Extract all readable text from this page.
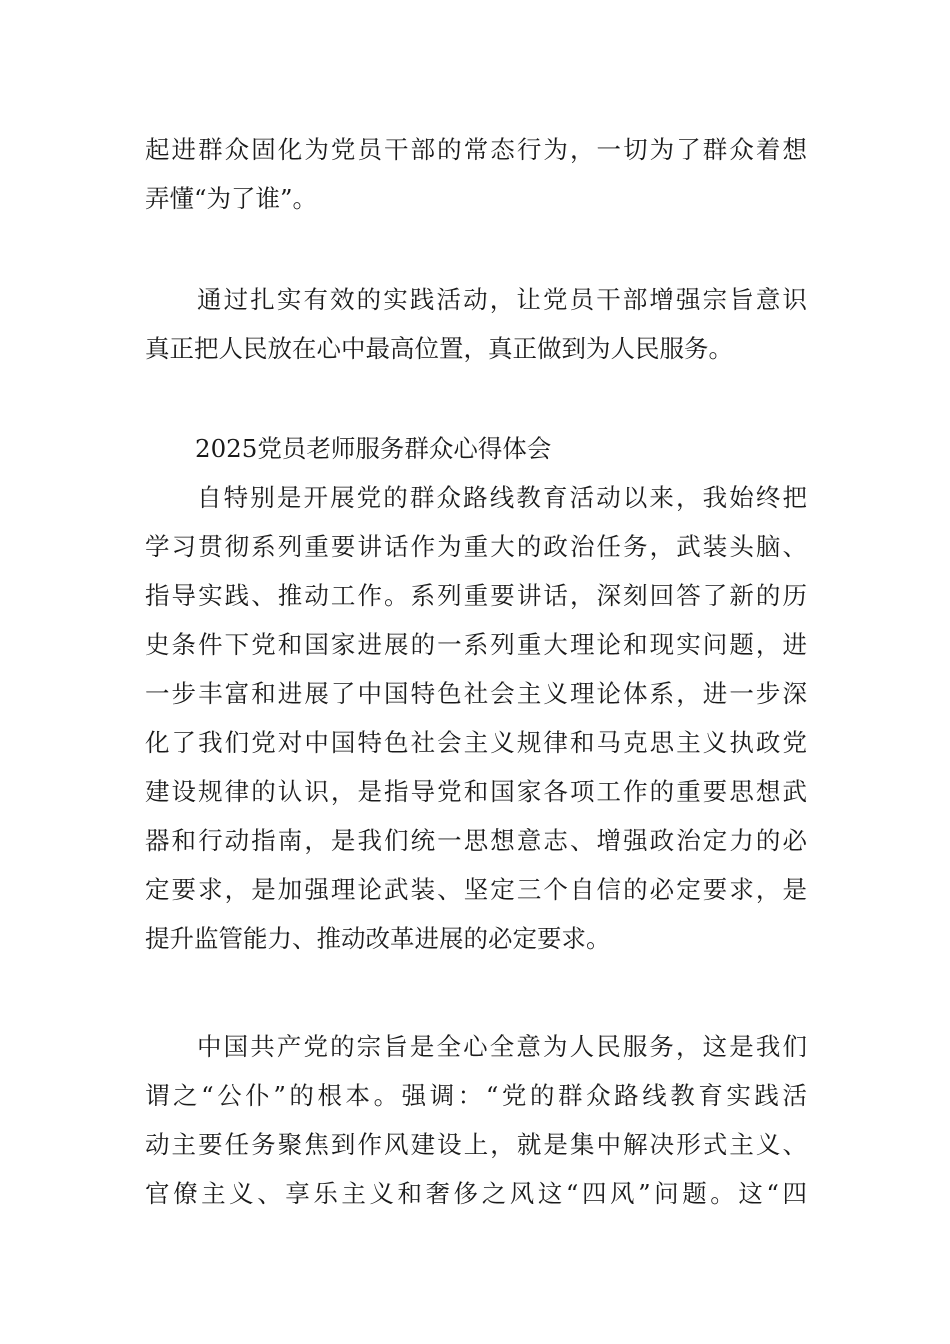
起进群众固化为党员干部的常态行为，一切为了群众着想
弄懂“为了谁”。
通过扎实有效的实践活动，让党员干部增强宗旨意识
真正把人民放在心中最高位置，真正做到为人民服务。
2025党员老师服务群众心得体会
自特别是开展党的群众路线教育活动以来，我始终把
学习贯彻系列重要讲话作为重大的政治任务，武装头脑、
指导实践、推动工作。系列重要讲话，深刻回答了新的历
史条件下党和国家进展的一系列重大理论和现实问题，进
一步丰富和进展了中国特色社会主义理论体系，进一步深
化了我们党对中国特色社会主义规律和马克思主义执政党
建设规律的认识，是指导党和国家各项工作的重要思想武
器和行动指南，是我们统一思想意志、增强政治定力的必
定要求，是加强理论武装、坚定三个自信的必定要求，是
提升监管能力、推动改革进展的必定要求。
中国共产党的宗旨是全心全意为人民服务，这是我们
谓之“公仆”的根本。强调：“党的群众路线教育实践活
动主要任务聚焦到作风建设上，就是集中解决形式主义、
官僚主义、享乐主义和奢侈之风这“四风”问题。这“四
